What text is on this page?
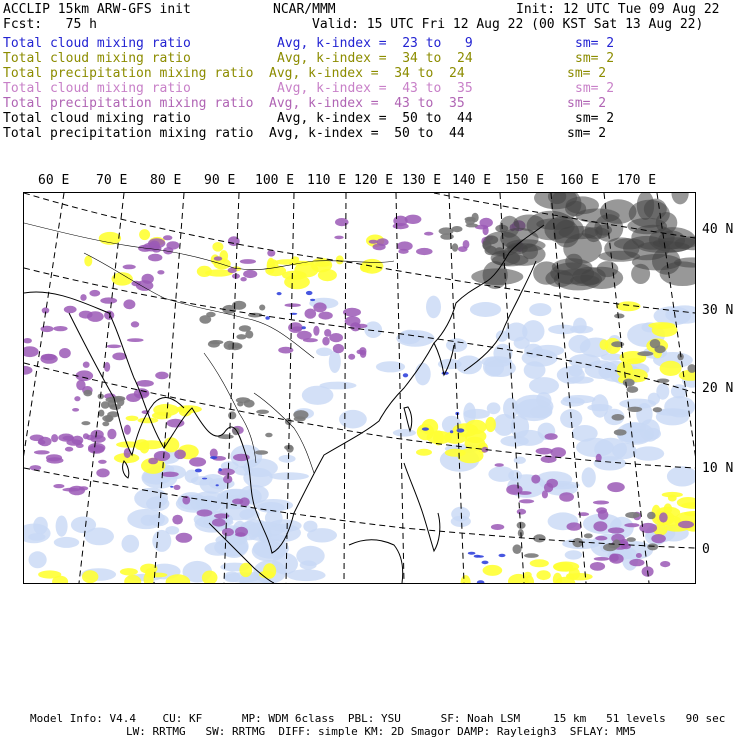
ACCLIP 15km ARW-GFS init	NCAR/MMM	Init: 12 UTC Tue 09 Aug 22
Fcst:   75 h	Valid: 15 UTC Fri 12 Aug 22 (00 KST Sat 13 Aug 22)
Total cloud mixing ratio	Avg, k-index =  23 to   9	sm= 2
Total cloud mixing ratio	Avg, k-index =  34 to  24	sm= 2
Total precipitation mixing ratio Avg, k-index =  34 to  24	sm= 2
Total cloud mixing ratio	Avg, k-index =  43 to  35	sm= 2
Total precipitation mixing ratio Avg, k-index =  43 to  35	sm= 2
Total cloud mixing ratio	Avg, k-index =  50 to  44	sm= 2
Total precipitation mixing ratio Avg, k-index =  50 to  44	sm= 2
60 E 70 E 80 E 90 E 100 E 110 E 120 E 130 E 140 E 150 E 160 E 170 E
40 N
30 N
20 N
10 N
0
Model Info: V4.4    CU: KF      MP: WDM 6class  PBL: YSU      SF: Noah LSM     15 km   51 levels   90 sec
LW: RRTMG   SW: RRTMG  DIFF: simple KM: 2D Smagor DAMP: Rayleigh3  SFLAY: MM5
